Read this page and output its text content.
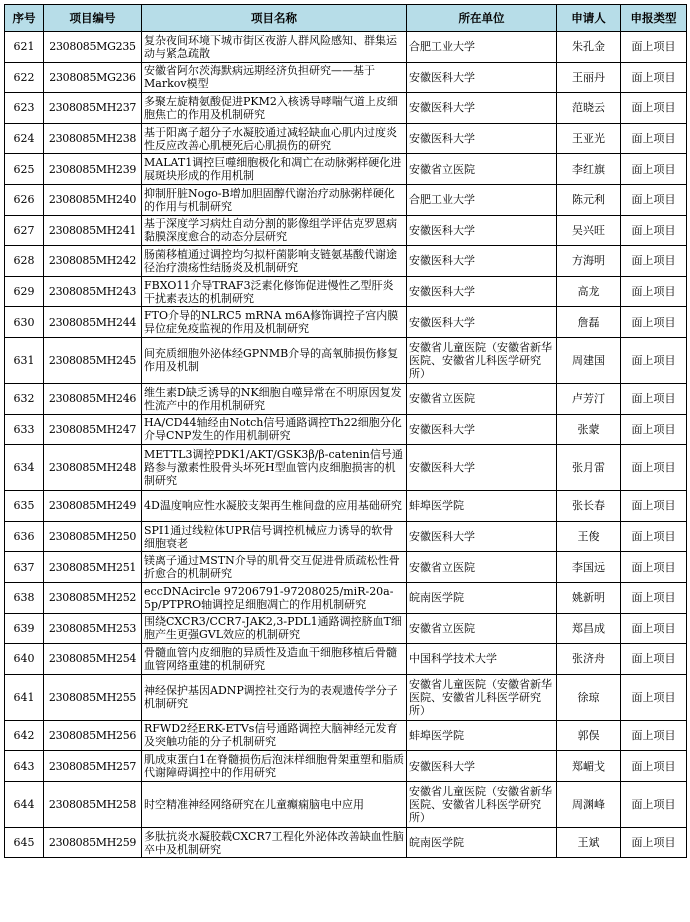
序号	项目编号	项目名称	所在单位	申请人	申报类型
621	2308085MG235	复杂夜间环境下城市街区夜游人群风险感知、群集运动与紧急疏散	合肥工业大学	朱孔金	面上项目
622	2308085MG236	安徽省阿尔茨海默病远期经济负担研究——基于Markov模型	安徽医科大学	王丽丹	面上项目
623	2308085MH237	多聚左旋精氨酸促进PKM2入核诱导哮喘气道上皮细胞焦亡的作用及机制研究	安徽医科大学	范晓云	面上项目
624	2308085MH238	基于阳离子超分子水凝胶通过减轻缺血心肌内过度炎性反应改善心肌梗死后心肌损伤的研究	安徽医科大学	王亚光	面上项目
625	2308085MH239	MALAT1调控巨噬细胞极化和凋亡在动脉粥样硬化进展斑块形成的作用机制	安徽省立医院	李红旗	面上项目
626	2308085MH240	抑制肝脏Nogo-B增加胆固醇代谢治疗动脉粥样硬化的作用与机制研究	合肥工业大学	陈元利	面上项目
627	2308085MH241	基于深度学习病灶自动分割的影像组学评估克罗恩病黏膜深度愈合的动态分层研究	安徽医科大学	吴兴旺	面上项目
628	2308085MH242	肠菌移植通过调控均匀拟杆菌影响支链氨基酸代谢途径治疗溃疡性结肠炎及机制研究	安徽医科大学	方海明	面上项目
629	2308085MH243	FBXO11介导TRAF3泛素化修饰促进慢性乙型肝炎干扰素表达的机制研究	安徽医科大学	高龙	面上项目
630	2308085MH244	FTO介导的NLRC5 mRNA m6A修饰调控子宫内膜异位症免疫监视的作用及机制研究	安徽医科大学	詹磊	面上项目
631	2308085MH245	间充质细胞外泌体经GPNMB介导的高氧肺损伤修复作用及机制	安徽省儿童医院（安徽省新华医院、安徽省儿科医学研究所）	周建国	面上项目
632	2308085MH246	维生素D缺乏诱导的NK细胞自噬异常在不明原因复发性流产中的作用机制研究	安徽省立医院	卢芳汀	面上项目
633	2308085MH247	HA/CD44轴经由Notch信号通路调控Th22细胞分化介导CNP发生的作用机制研究	安徽医科大学	张蒙	面上项目
634	2308085MH248	METTL3调控PDK1/AKT/GSK3β/β-catenin信号通路参与激素性股骨头坏死H型血管内皮细胞损害的机制研究	安徽医科大学	张月雷	面上项目
635	2308085MH249	4D温度响应性水凝胶支架再生椎间盘的应用基础研究	蚌埠医学院	张长春	面上项目
636	2308085MH250	SPI1通过线粒体UPR信号调控机械应力诱导的软骨细胞衰老	安徽医科大学	王俊	面上项目
637	2308085MH251	镁离子通过MSTN介导的肌骨交互促进骨质疏松性骨折愈合的机制研究	安徽省立医院	李国远	面上项目
638	2308085MH252	eccDNAcircle 97206791-97208025/miR-20a-5p/PTPRO轴调控足细胞凋亡的作用机制研究	皖南医学院	姚新明	面上项目
639	2308085MH253	围绕CXCR3/CCR7-JAK2,3-PDL1通路调控脐血T细胞产生更强GVL效应的机制研究	安徽省立医院	郑昌成	面上项目
640	2308085MH254	骨髓血管内皮细胞的异质性及造血干细胞移植后骨髓血管网络重建的机制研究	中国科学技术大学	张济舟	面上项目
641	2308085MH255	神经保护基因ADNP调控社交行为的表观遗传学分子机制研究	安徽省儿童医院（安徽省新华医院、安徽省儿科医学研究所）	徐琼	面上项目
642	2308085MH256	RFWD2经ERK-ETVs信号通路调控大脑神经元发育及突触功能的分子机制研究	蚌埠医学院	郭俣	面上项目
643	2308085MH257	肌成束蛋白1在脊髓损伤后泡沫样细胞骨架重塑和脂质代谢障碍调控中的作用研究	安徽医科大学	郑嵋戈	面上项目
644	2308085MH258	时空精准神经网络研究在儿童癫痫脑电中应用	安徽省儿童医院（安徽省新华医院、安徽省儿科医学研究所）	周渊峰	面上项目
645	2308085MH259	多肽抗炎水凝胶载CXCR7工程化外泌体改善缺血性脑卒中及机制研究	皖南医学院	王斌	面上项目
